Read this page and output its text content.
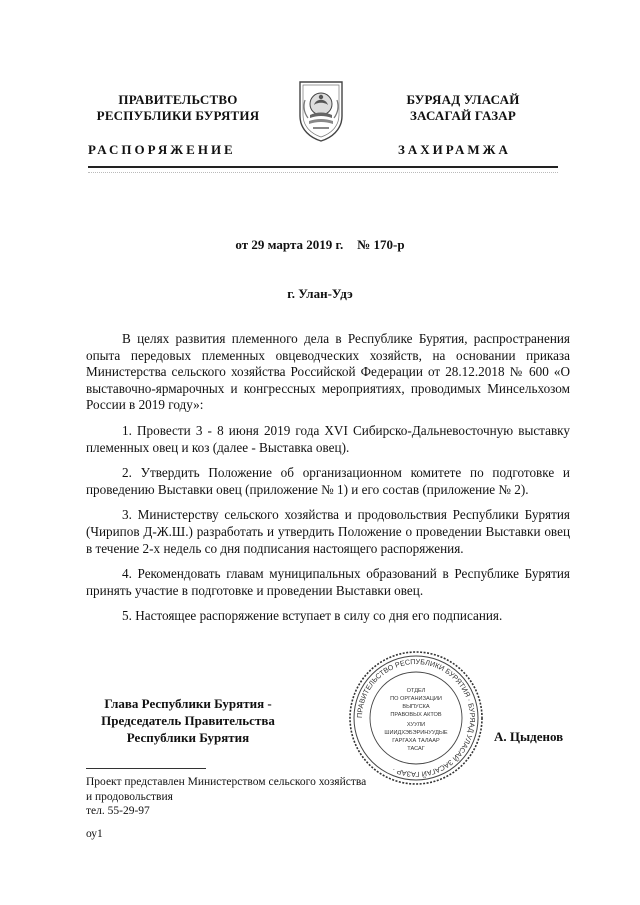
ПРАВИТЕЛЬСТВО
РЕСПУБЛИКИ БУРЯТИЯ
БУРЯАД УЛАСАЙ
ЗАСАГАЙ ГАЗАР
РАСПОРЯЖЕНИЕ	ЗАХИРАМЖА
от 29 марта 2019 г. № 170-р
г. Улан-Удэ

В целях развития племенного дела в Республике Бурятия, распространения опыта передовых племенных овцеводческих хозяйств, на основании приказа Министерства сельского хозяйства Российской Федерации от 28.12.2018 № 600 «О выставочно-ярмарочных и конгрессных мероприятиях, проводимых Минсельхозом России в 2019 году»:

1. Провести 3 - 8 июня 2019 года XVI Сибирско-Дальневосточную выставку племенных овец и коз (далее - Выставка овец).

2. Утвердить Положение об организационном комитете по подготовке и проведению Выставки овец (приложение № 1) и его состав (приложение № 2).

3. Министерству сельского хозяйства и продовольствия Республики Бурятия (Чирипов Д-Ж.Ш.) разработать и утвердить Положение о проведении Выставки овец в течение 2-х недель со дня подписания настоящего распоряжения.

4. Рекомендовать главам муниципальных образований в Республике Бурятия принять участие в подготовке и проведении Выставки овец.

5. Настоящее распоряжение вступает в силу со дня его подписания.

Глава Республики Бурятия -
Председатель Правительства
Республики Бурятия
ПРАВИТЕЛЬСТВО РЕСПУБЛИКИ БУРЯТИЯ · БУРЯАД УЛАСАЙ ЗАСАГАЙ ГАЗАР ·
ОТДЕЛ
ПО ОРГАНИЗАЦИИ
ВЫПУСКА
ПРАВОВЫХ АКТОВ
ХУУЛИ
ШИИДХЭБЭРИНУУДЫЕ
ГАРГАХА ТАЛААР
ТАСАГ
А. Цыденов
Проект представлен Министерством сельского хозяйства
и продовольствия
тел. 55-29-97
оу1
